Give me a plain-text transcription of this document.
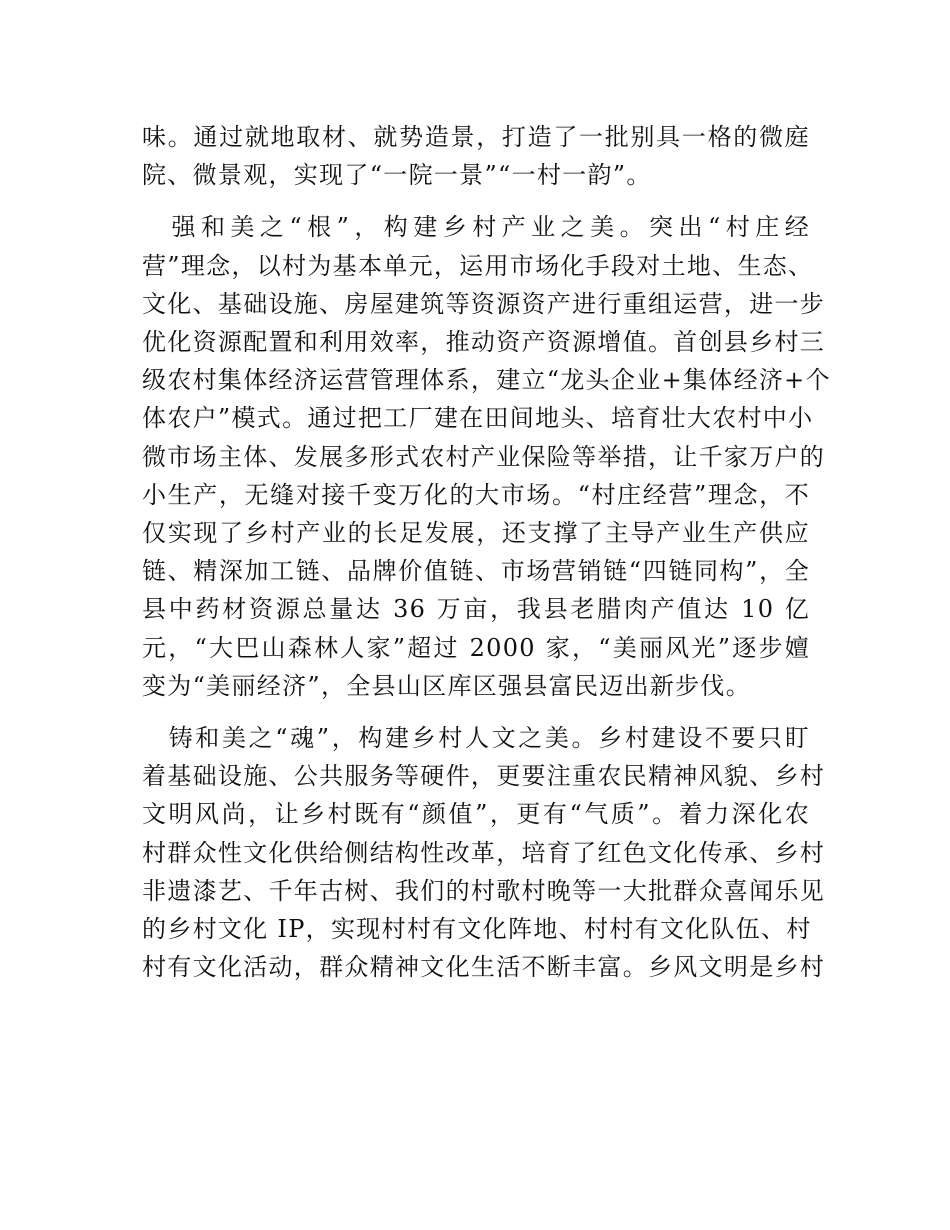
味。通过就地取材、就势造景，打造了一批别具一格的微庭
院、微景观，实现了“一院一景”“一村一韵”。
　强和美之“根”，构建乡村产业之美。突出“村庄经
营”理念，以村为基本单元，运用市场化手段对土地、生态、
文化、基础设施、房屋建筑等资源资产进行重组运营，进一步
优化资源配置和利用效率，推动资产资源增值。首创县乡村三
级农村集体经济运营管理体系，建立“龙头企业+集体经济+个
体农户”模式。通过把工厂建在田间地头、培育壮大农村中小
微市场主体、发展多形式农村产业保险等举措，让千家万户的
小生产，无缝对接千变万化的大市场。“村庄经营”理念，不
仅实现了乡村产业的长足发展，还支撑了主导产业生产供应
链、精深加工链、品牌价值链、市场营销链“四链同构”，全
县中药材资源总量达 36 万亩，我县老腊肉产值达 10 亿
元，“大巴山森林人家”超过 2000 家，“美丽风光”逐步嬗
变为“美丽经济”，全县山区库区强县富民迈出新步伐。
　铸和美之“魂”，构建乡村人文之美。乡村建设不要只盯
着基础设施、公共服务等硬件，更要注重农民精神风貌、乡村
文明风尚，让乡村既有“颜值”，更有“气质”。着力深化农
村群众性文化供给侧结构性改革，培育了红色文化传承、乡村
非遗漆艺、千年古树、我们的村歌村晚等一大批群众喜闻乐见
的乡村文化 IP，实现村村有文化阵地、村村有文化队伍、村
村有文化活动，群众精神文化生活不断丰富。乡风文明是乡村
